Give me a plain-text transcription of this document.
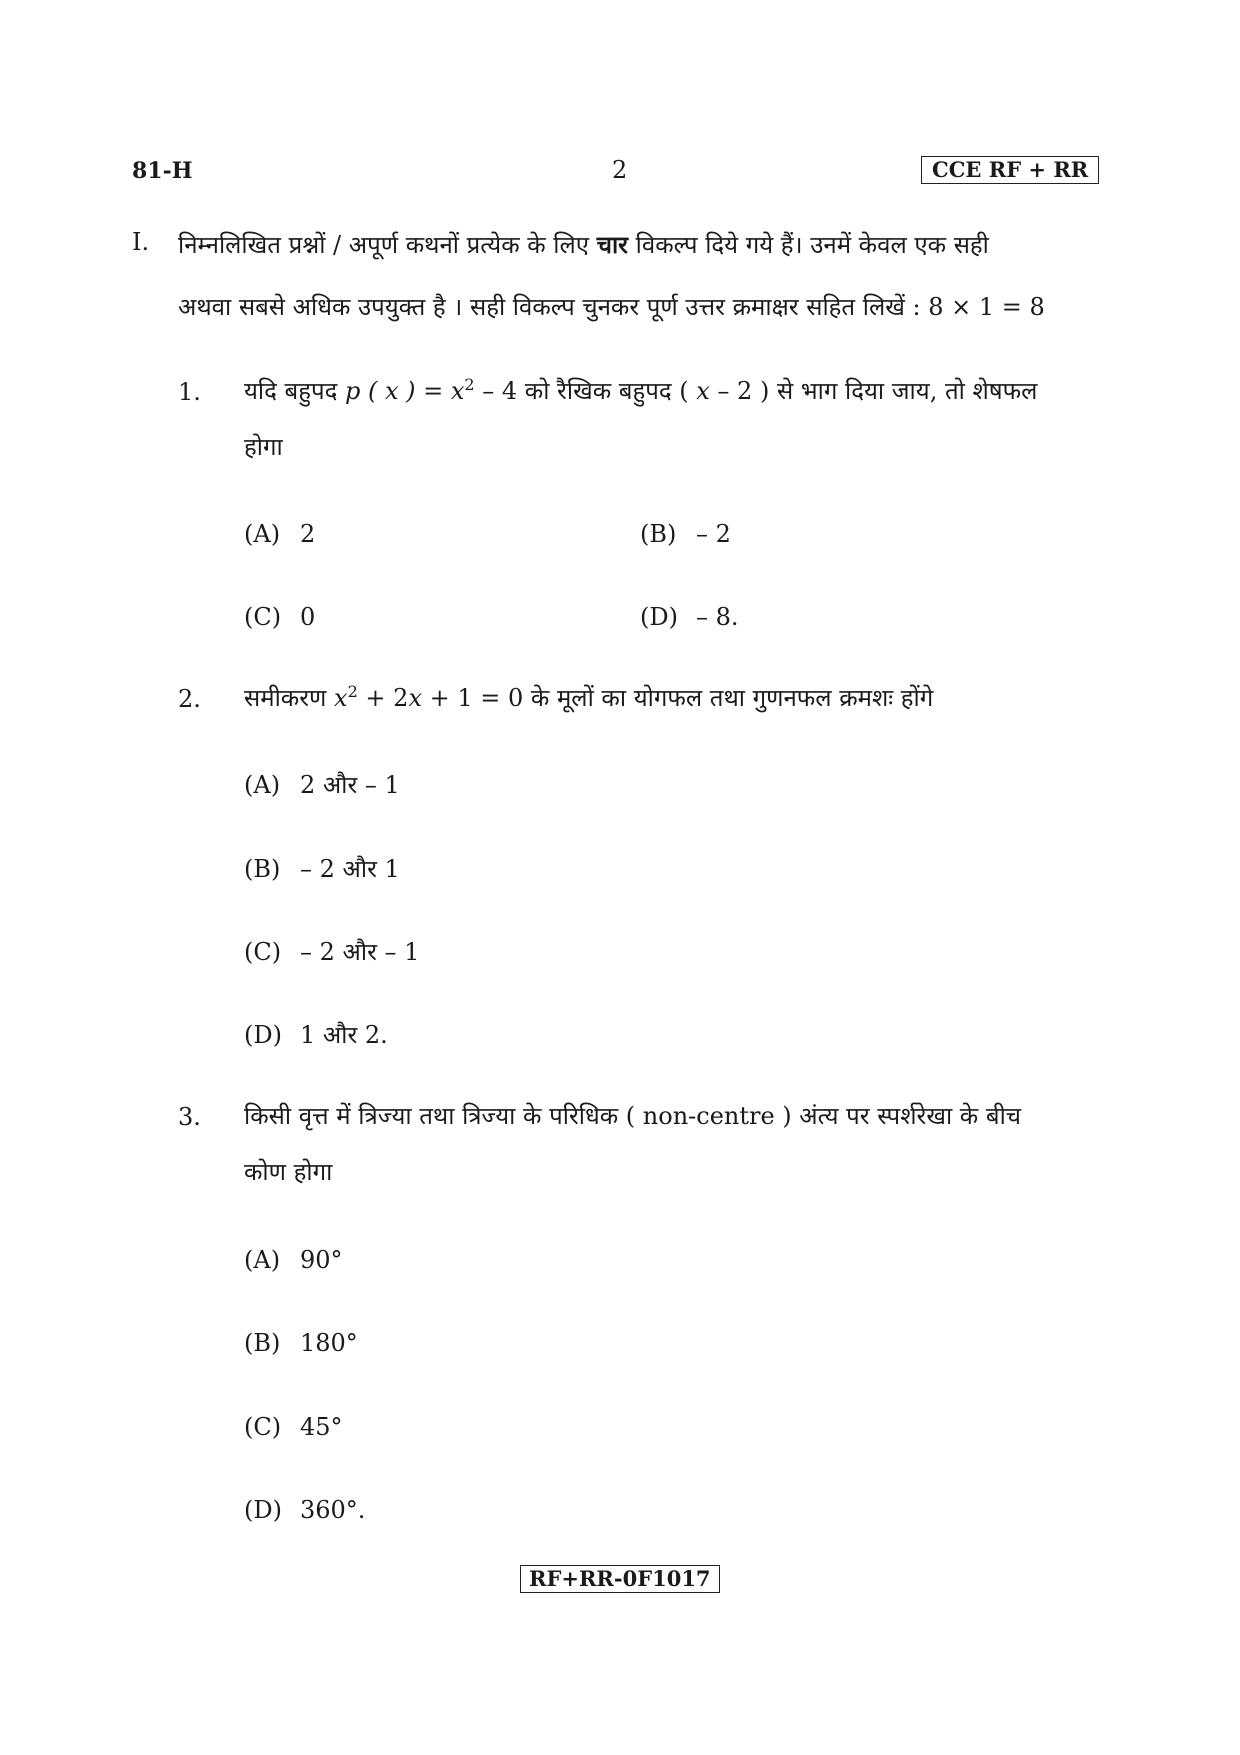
81-H	2	CCE RF + RR
I. निम्नलिखित प्रश्नों / अपूर्ण कथनों प्रत्येक के लिए चार विकल्प दिये गये हैं। उनमें केवल एक सही
अथवा सबसे अधिक उपयुक्त है । सही विकल्प चुनकर पूर्ण उत्तर क्रमाक्षर सहित लिखें : 8 × 1 = 8
1. यदि बहुपद p ( x ) = $x^2 - 4$ को रैखिक बहुपद ( x – 2 ) से भाग दिया जाय, तो शेषफल
होगा
(A) 2	(B) – 2
(C) 0	(D) – 8.
2. समीकरण $x^2 + 2x + 1 = 0$ के मूलों का योगफल तथा गुणनफल क्रमशः होंगे
(A) 2 और – 1
(B) – 2 और 1
(C) – 2 और – 1
(D) 1 और 2.
3. किसी वृत्त में त्रिज्या तथा त्रिज्या के परिधिक ( non-centre ) अंत्य पर स्पर्शरेखा के बीच
कोण होगा
(A) 90°
(B) 180°
(C) 45°
(D) 360°.
RF+RR-0F1017
